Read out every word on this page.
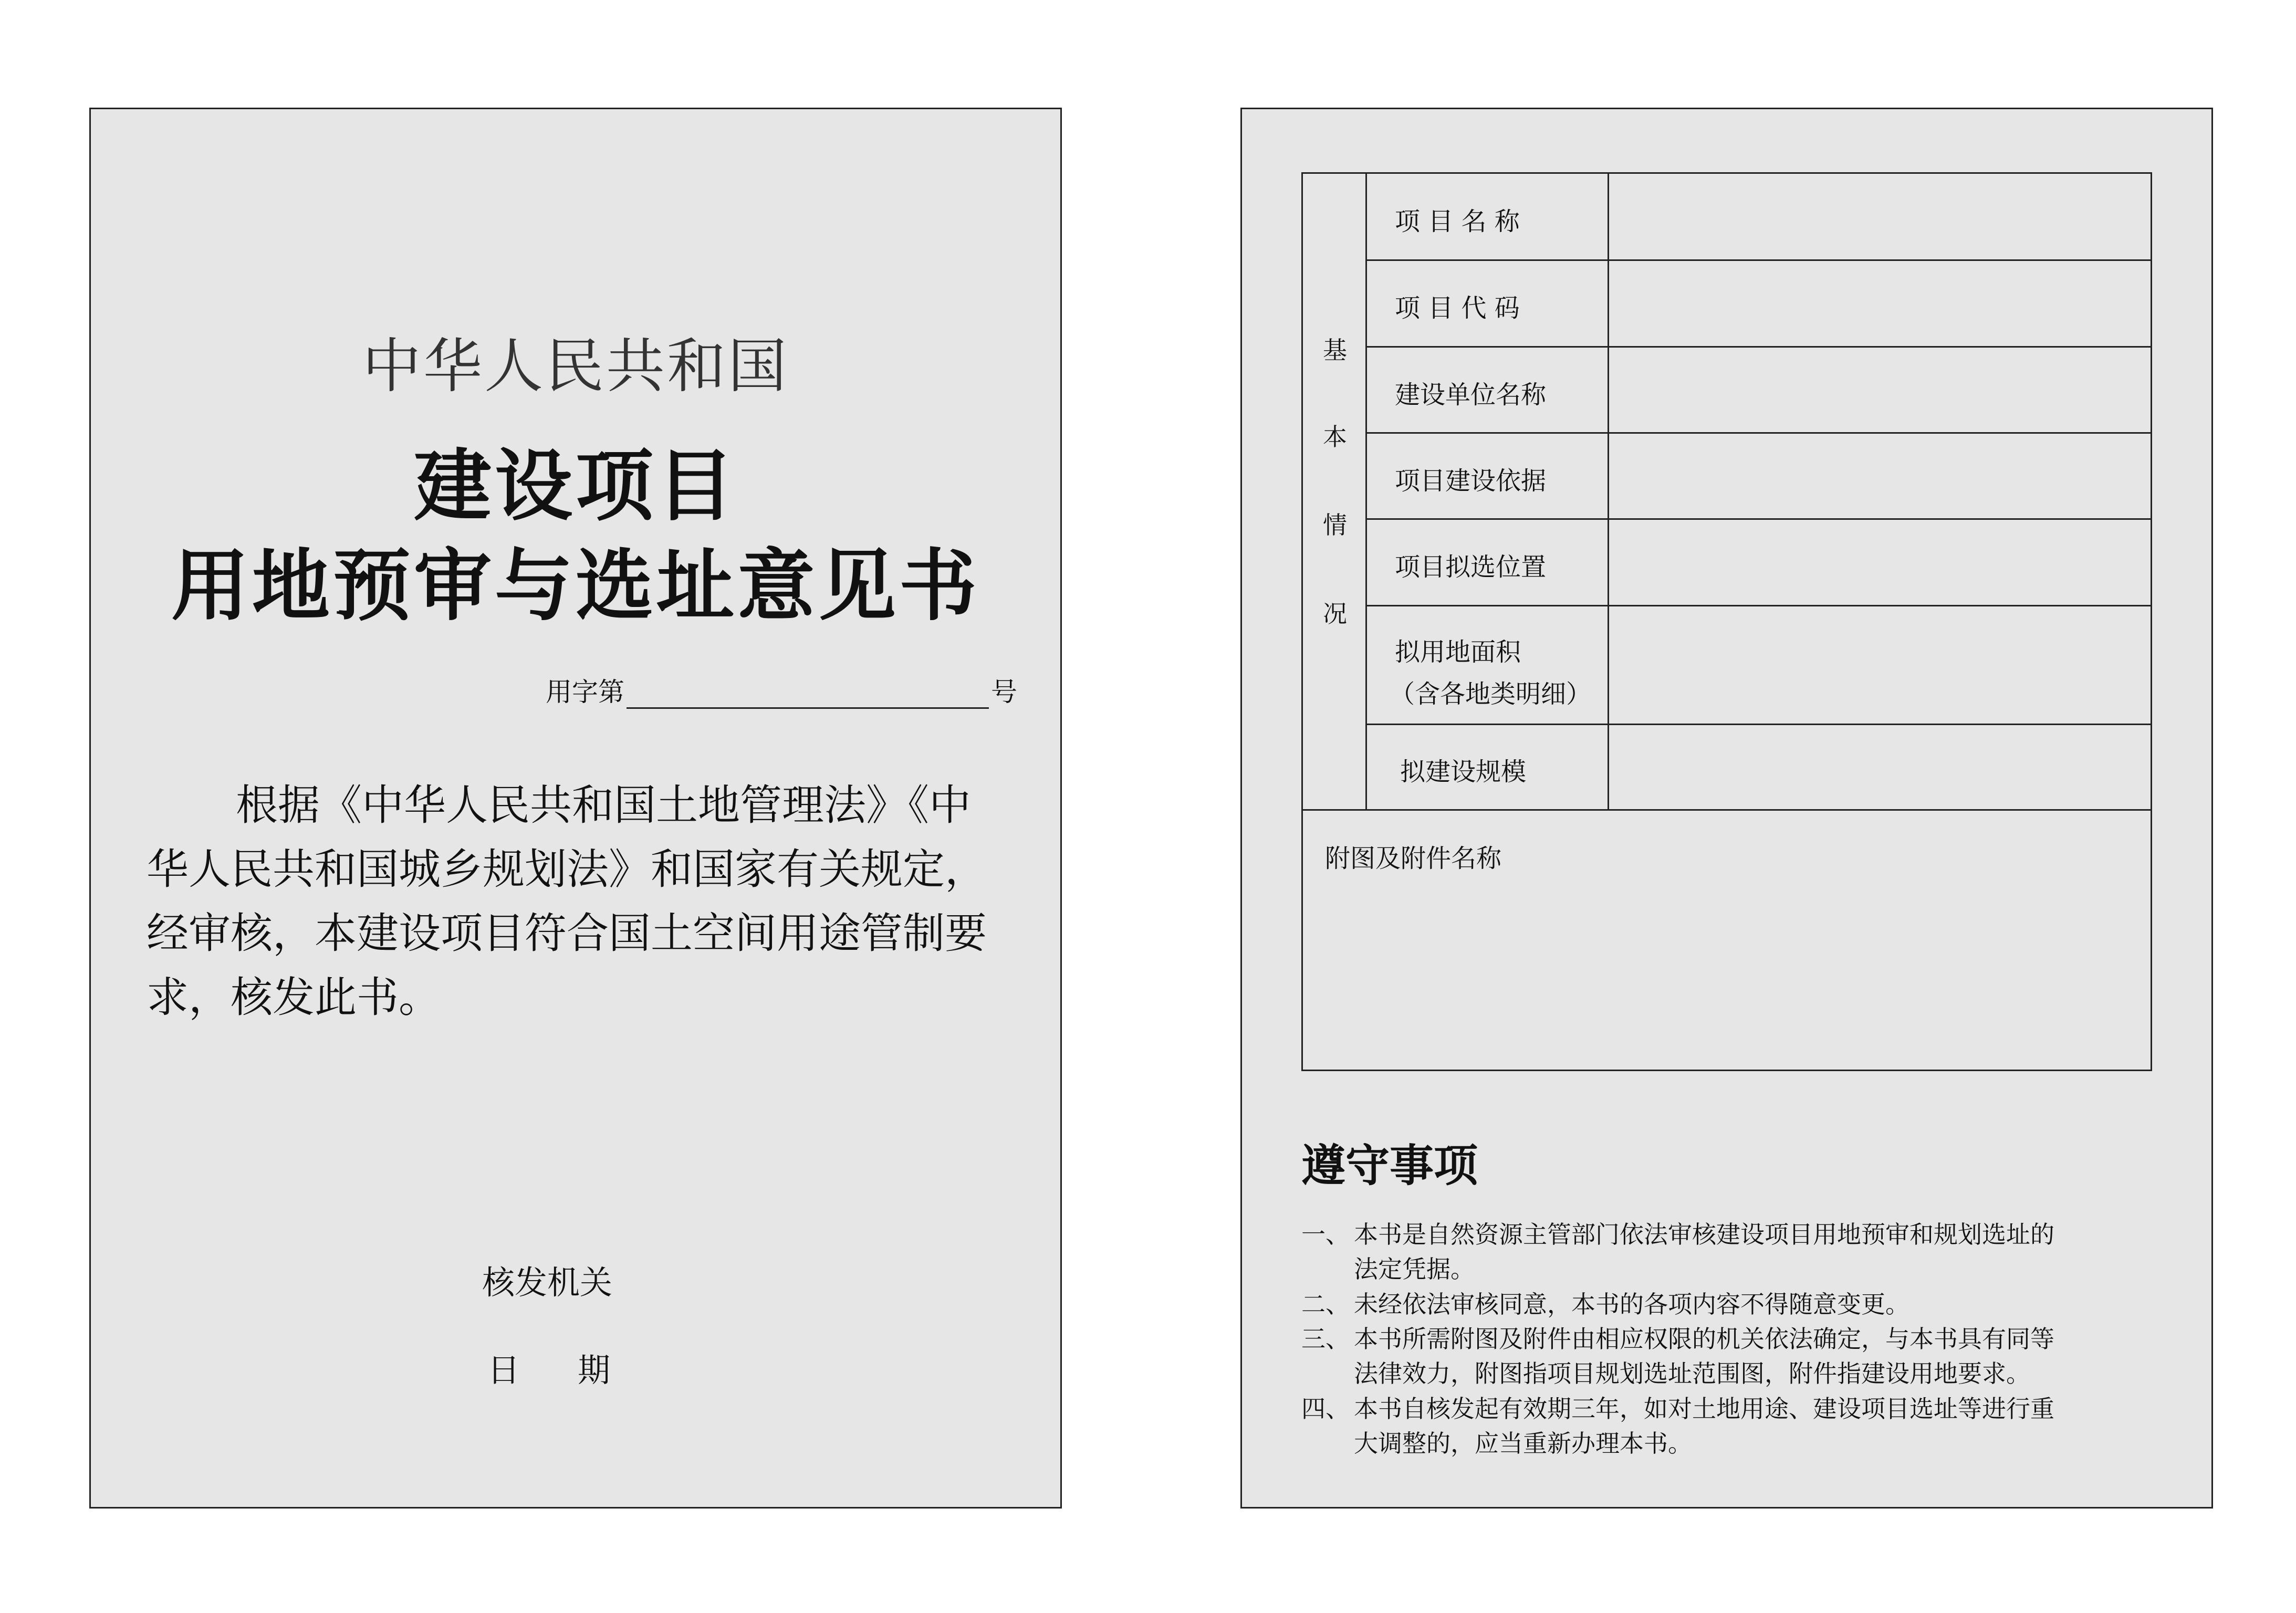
中华人民共和国
建设项目
用地预审与选址意见书
用字第	号

根据《中华人民共和国土地管理法》《中
华人民共和国城乡规划法》和国家有关规定，
经审核，本建设项目符合国土空间用途管制要
求，核发此书。

核发机关
日 期
基
本
情
况
项 目 名 称
项 目 代 码
建设单位名称
项目建设依据
项目拟选位置
拟用地面积
（含各地类明细）
拟建设规模
附图及附件名称
遵守事项
一、 本书是自然资源主管部门依法审核建设项目用地预审和规划选址的
法定凭据。
二、 未经依法审核同意，本书的各项内容不得随意变更。
三、 本书所需附图及附件由相应权限的机关依法确定，与本书具有同等
法律效力，附图指项目规划选址范围图，附件指建设用地要求。
四、 本书自核发起有效期三年，如对土地用途、建设项目选址等进行重
大调整的，应当重新办理本书。
